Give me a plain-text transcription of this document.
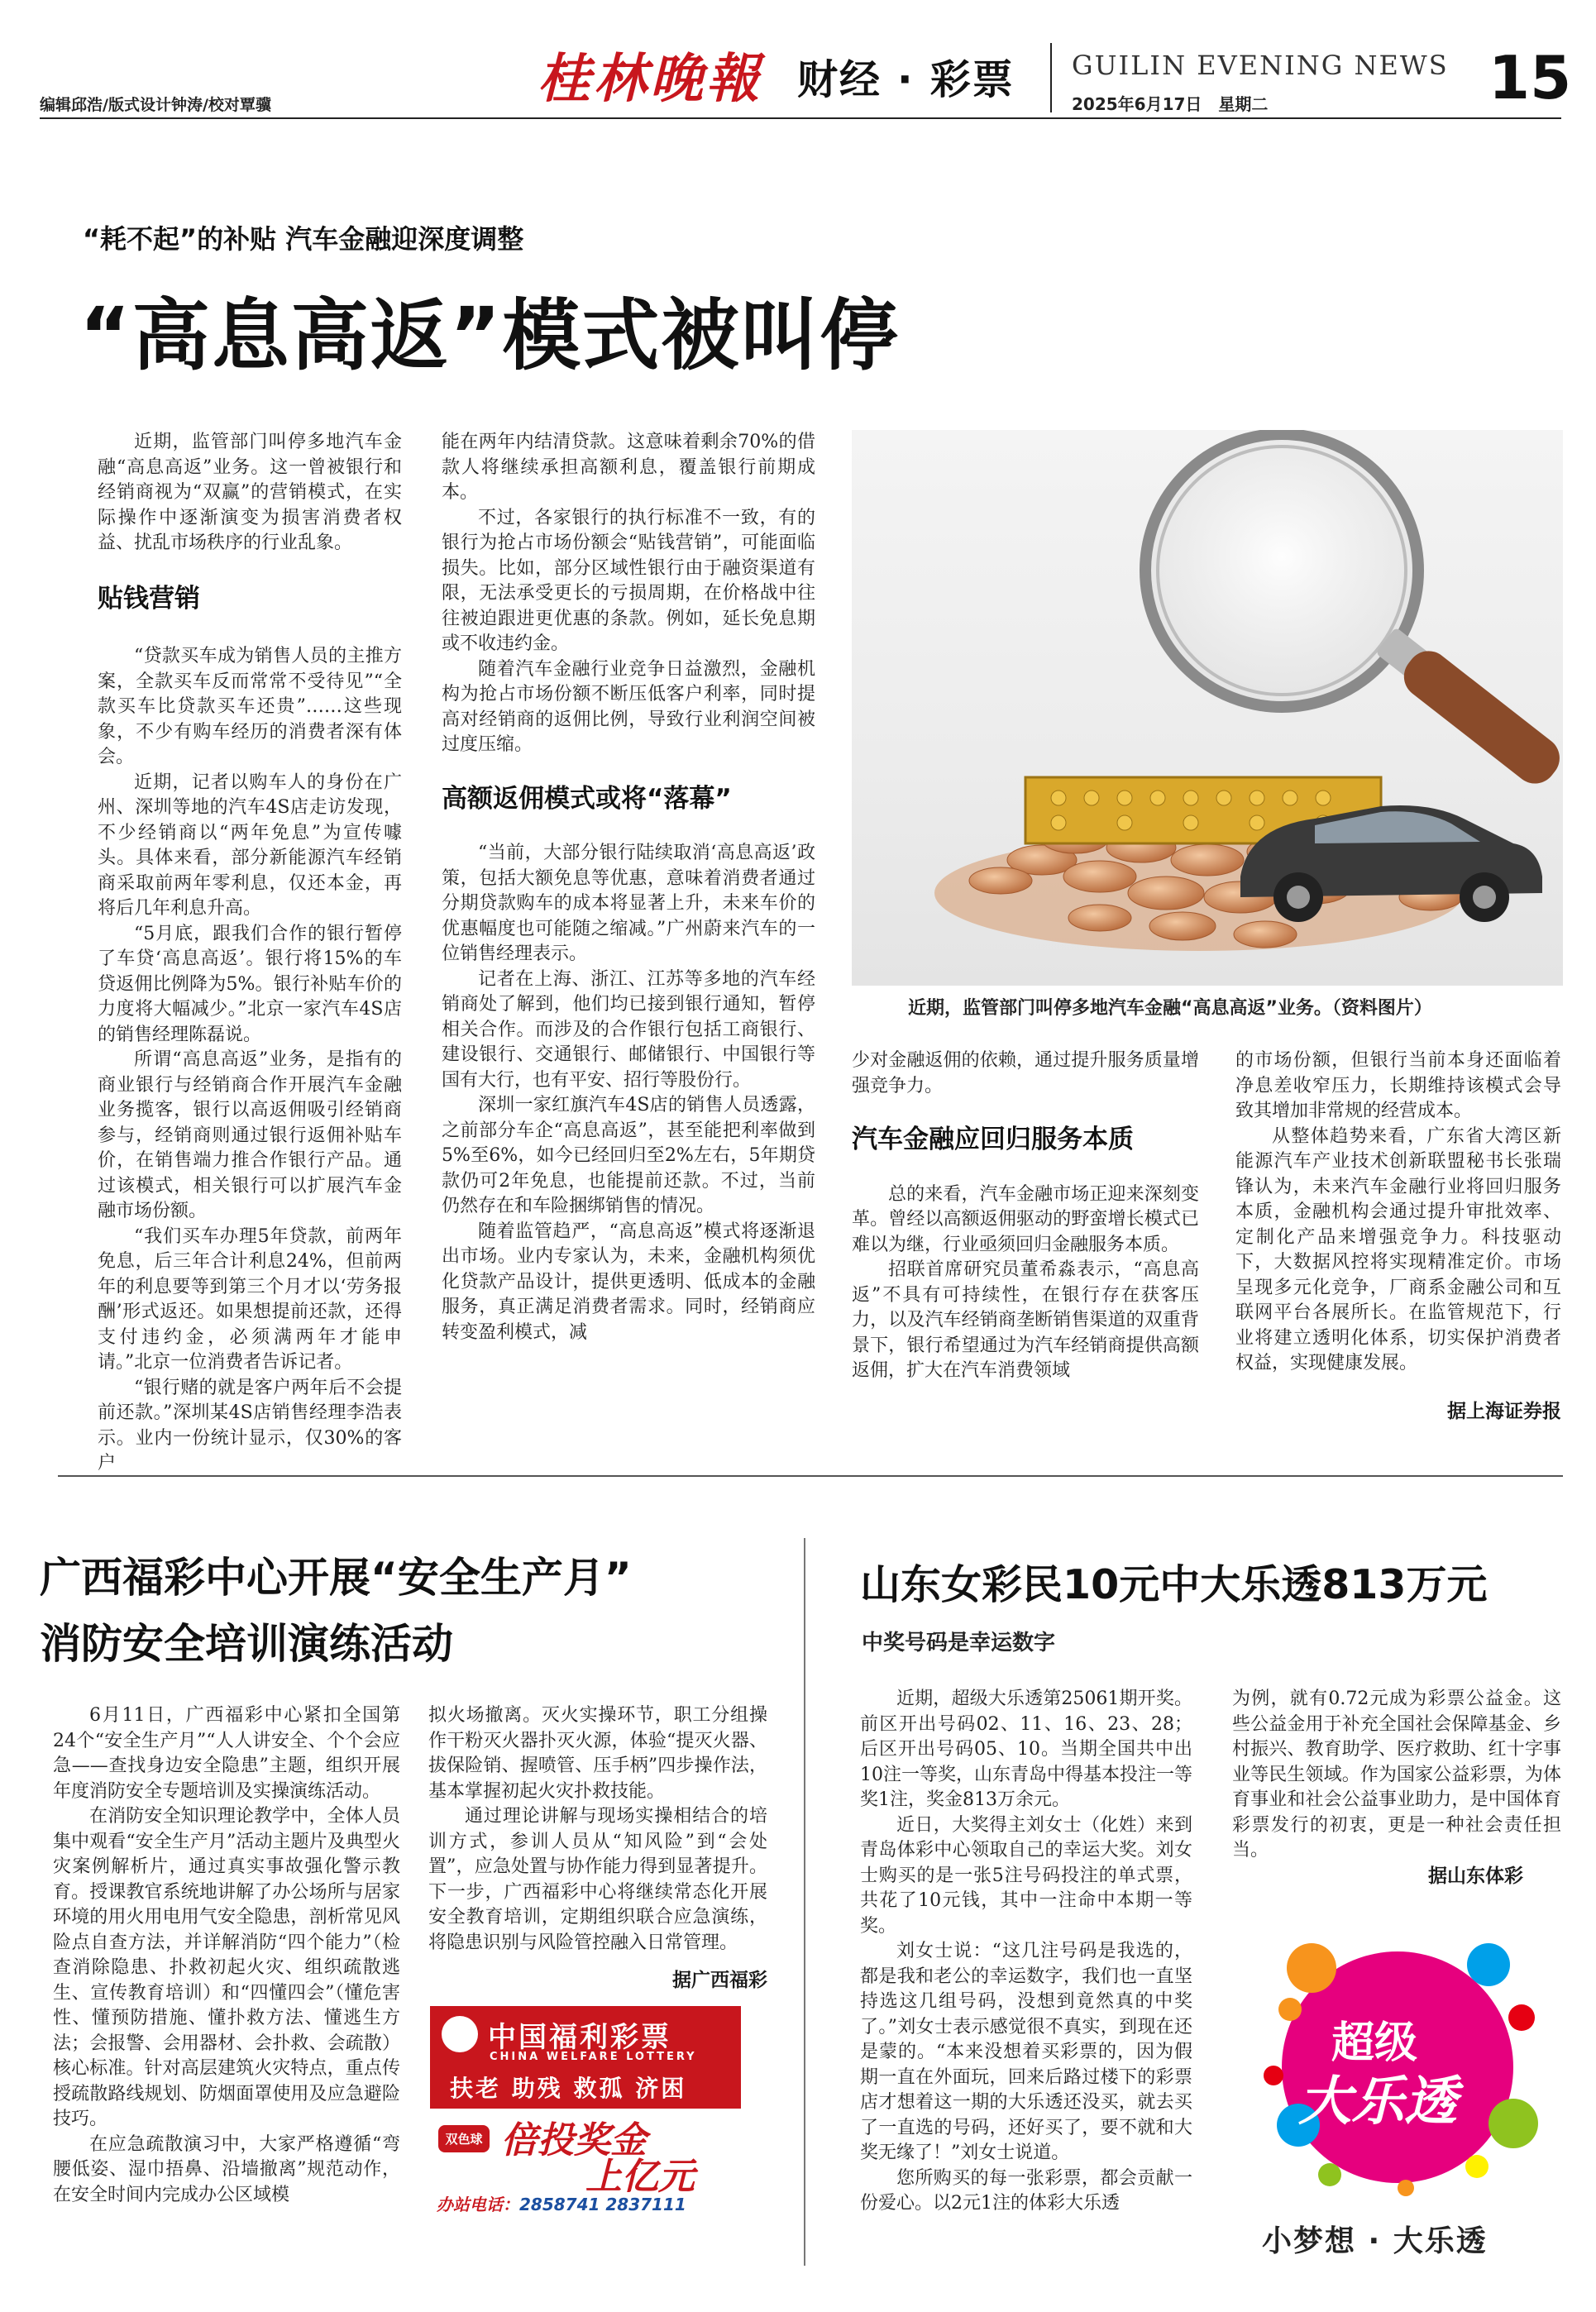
编辑邱浩/版式设计钟涛/校对覃骥	桂林晚報 财经 · 彩票 GUILIN EVENING NEWS
2025年6月17日　星期二	15
“耗不起”的补贴 汽车金融迎深度调整
“高息高返”模式被叫停

近期，监管部门叫停多地汽车金融“高息高返”业务。这一曾被银行和经销商视为“双赢”的营销模式，在实际操作中逐渐演变为损害消费者权益、扰乱市场秩序的行业乱象。

贴钱营销

“贷款买车成为销售人员的主推方案，全款买车反而常常不受待见”“全款买车比贷款买车还贵”……这些现象，不少有购车经历的消费者深有体会。

近期，记者以购车人的身份在广州、深圳等地的汽车4S店走访发现，不少经销商以“两年免息”为宣传噱头。具体来看，部分新能源汽车经销商采取前两年零利息，仅还本金，再将后几年利息升高。

“5月底，跟我们合作的银行暂停了车贷‘高息高返’。银行将15%的车贷返佣比例降为5%。银行补贴车价的力度将大幅减少。”北京一家汽车4S店的销售经理陈磊说。

所谓“高息高返”业务，是指有的商业银行与经销商合作开展汽车金融业务揽客，银行以高返佣吸引经销商参与，经销商则通过银行返佣补贴车价，在销售端力推合作银行产品。通过该模式，相关银行可以扩展汽车金融市场份额。

“我们买车办理5年贷款，前两年免息，后三年合计利息24%，但前两年的利息要等到第三个月才以‘劳务报酬’形式返还。如果想提前还款，还得支付违约金，必须满两年才能申请。”北京一位消费者告诉记者。

“银行赌的就是客户两年后不会提前还款。”深圳某4S店销售经理李浩表示。业内一份统计显示，仅30%的客户

能在两年内结清贷款。这意味着剩余70%的借款人将继续承担高额利息，覆盖银行前期成本。

不过，各家银行的执行标准不一致，有的银行为抢占市场份额会“贴钱营销”，可能面临损失。比如，部分区域性银行由于融资渠道有限，无法承受更长的亏损周期，在价格战中往往被迫跟进更优惠的条款。例如，延长免息期或不收违约金。

随着汽车金融行业竞争日益激烈，金融机构为抢占市场份额不断压低客户利率，同时提高对经销商的返佣比例，导致行业利润空间被过度压缩。

高额返佣模式或将“落幕”

“当前，大部分银行陆续取消‘高息高返’政策，包括大额免息等优惠，意味着消费者通过分期贷款购车的成本将显著上升，未来车价的优惠幅度也可能随之缩减。”广州蔚来汽车的一位销售经理表示。

记者在上海、浙江、江苏等多地的汽车经销商处了解到，他们均已接到银行通知，暂停相关合作。而涉及的合作银行包括工商银行、建设银行、交通银行、邮储银行、中国银行等国有大行，也有平安、招行等股份行。

深圳一家红旗汽车4S店的销售人员透露，之前部分车企“高息高返”，甚至能把利率做到5%至6%，如今已经回归至2%左右，5年期贷款仍可2年免息，也能提前还款。不过，当前仍然存在和车险捆绑销售的情况。

随着监管趋严，“高息高返”模式将逐渐退出市场。业内专家认为，未来，金融机构须优化贷款产品设计，提供更透明、低成本的金融服务，真正满足消费者需求。同时，经销商应转变盈利模式，减

近期，监管部门叫停多地汽车金融“高息高返”业务。（资料图片）

少对金融返佣的依赖，通过提升服务质量增强竞争力。

汽车金融应回归服务本质

总的来看，汽车金融市场正迎来深刻变革。曾经以高额返佣驱动的野蛮增长模式已难以为继，行业亟须回归金融服务本质。

招联首席研究员董希淼表示，“高息高返”不具有可持续性，在银行存在获客压力，以及汽车经销商垄断销售渠道的双重背景下，银行希望通过为汽车经销商提供高额返佣，扩大在汽车消费领域

的市场份额，但银行当前本身还面临着净息差收窄压力，长期维持该模式会导致其增加非常规的经营成本。

从整体趋势来看，广东省大湾区新能源汽车产业技术创新联盟秘书长张瑞锋认为，未来汽车金融行业将回归服务本质，金融机构会通过提升审批效率、定制化产品来增强竞争力。科技驱动下，大数据风控将实现精准定价。市场呈现多元化竞争，厂商系金融公司和互联网平台各展所长。在监管规范下，行业将建立透明化体系，切实保护消费者权益，实现健康发展。

据上海证券报
广西福彩中心开展“安全生产月”
消防安全培训演练活动

6月11日，广西福彩中心紧扣全国第24个“安全生产月”“人人讲安全、个个会应急——查找身边安全隐患”主题，组织开展年度消防安全专题培训及实操演练活动。

在消防安全知识理论教学中，全体人员集中观看“安全生产月”活动主题片及典型火灾案例解析片，通过真实事故强化警示教育。授课教官系统地讲解了办公场所与居家环境的用火用电用气安全隐患，剖析常见风险点自查方法，并详解消防“四个能力”（检查消除隐患、扑救初起火灾、组织疏散逃生、宣传教育培训）和“四懂四会”（懂危害性、懂预防措施、懂扑救方法、懂逃生方法；会报警、会用器材、会扑救、会疏散）核心标准。针对高层建筑火灾特点，重点传授疏散路线规划、防烟面罩使用及应急避险技巧。

在应急疏散演习中，大家严格遵循“弯腰低姿、湿巾捂鼻、沿墙撤离”规范动作，在安全时间内完成办公区域模

拟火场撤离。灭火实操环节，职工分组操作干粉灭火器扑灭火源，体验“提灭火器、拔保险销、握喷管、压手柄”四步操作法，基本掌握初起火灾扑救技能。

通过理论讲解与现场实操相结合的培训方式，参训人员从“知风险”到“会处置”，应急处置与协作能力得到显著提升。下一步，广西福彩中心将继续常态化开展安全教育培训，定期组织联合应急演练，将隐患识别与风险管控融入日常管理。

据广西福彩
中国福利彩票
CHINA WELFARE LOTTERY
扶老 助残 救孤 济困
双色球 倍投奖金
上亿元
办站电话：2858741 2837111
山东女彩民10元中大乐透813万元
中奖号码是幸运数字

近期，超级大乐透第25061期开奖。前区开出号码02、11、16、23、28；后区开出号码05、10。当期全国共中出10注一等奖，山东青岛中得基本投注一等奖1注，奖金813万余元。

近日，大奖得主刘女士（化姓）来到青岛体彩中心领取自己的幸运大奖。刘女士购买的是一张5注号码投注的单式票，共花了10元钱，其中一注命中本期一等奖。

刘女士说：“这几注号码是我选的，都是我和老公的幸运数字，我们也一直坚持选这几组号码，没想到竟然真的中奖了。”刘女士表示感觉很不真实，到现在还是蒙的。“本来没想着买彩票的，因为假期一直在外面玩，回来后路过楼下的彩票店才想着这一期的大乐透还没买，就去买了一直选的号码，还好买了，要不就和大奖无缘了！”刘女士说道。

您所购买的每一张彩票，都会贡献一份爱心。以2元1注的体彩大乐透

为例，就有0.72元成为彩票公益金。这些公益金用于补充全国社会保障基金、乡村振兴、教育助学、医疗救助、红十字事业等民生领域。作为国家公益彩票，为体育事业和社会公益事业助力，是中国体育彩票发行的初衷，更是一种社会责任担当。

据山东体彩
超级
大乐透
小梦想 · 大乐透
